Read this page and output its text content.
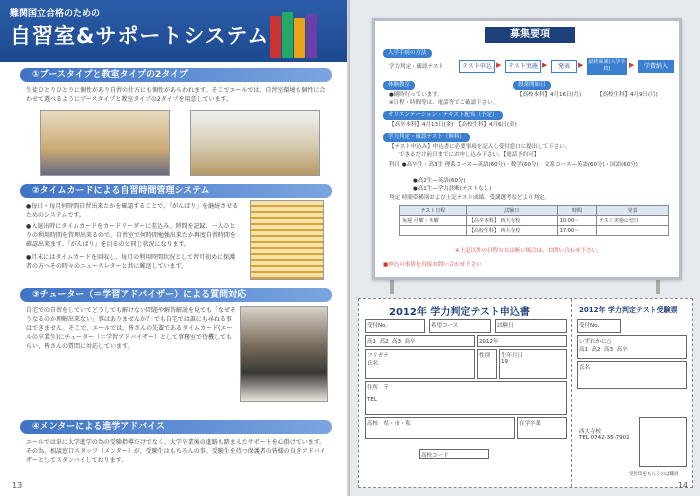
難関国立合格のための
自習室&サポートシステム
①ブースタイプと教室タイプの2タイプ
生徒ひとりひとりに個性があり自習の仕方にも個性があらわれます。そこでエールでは、自習室環境も個性に合わせて選べるようにブースタイプと教室タイプの2タイプを用意しています。
②タイムカードによる自習時間管理システム
●毎日・毎月何時間自習出来たかを確認することで、「がんばり」を継続させるためのシステムです。
●入退出時にタイムカードをカードリーダーに差込み、時間を記録、一人ひとりの利用時間を管理出来るので、自習室で何時間勉強出来たか再度自習時間を確認出来ます。「がんばり」を目るのと同じ状況になります。
●月末にはタイムカードを回収し、毎月の利用時間状況として習月初めに保護者の方へその時々のニュースレターと共に郵送しています。
③チューター（＝学習アドバイザー）による質問対応
自宅での自習をしていてどうしても解けない問題や解答解説を見ても「なぜそうなるのか理解出来ない」事はありませんか？ でも自宅では誰にも尋ねる事はできません。そこで、エールでは、皆さんの先輩であるタイムカード(エールの卒業生)にチューター（＝学習アドバイザー）として事務室で待機してもらい、皆さんの質問に対応しています。
④メンターによる進学アドバイス
エールでは単に大学進学の為の受験指導だけでなく、大学卒業後の進路も踏まえたサポートを心掛けています。その為、相談窓口スタッフ（メンター）が、受験生はもちろんの事、受験生を持つ保護者の皆様の良きアドバイザーとしてスタンバイしております。
13
募集要項
入学手続の方法
学力判定・確認テスト	テスト申込 ▶	テスト実施 ▶	発表	▶	最終面談(入学手続)	▶	学費納入
体験教室
●随時行っています。
※日程・時間等は、電話等でご確認下さい。
授業開始日
【高校本科】4月16日(月)	【高校生科】4月9日(月)
オリエンテーション・テキスト配布（予定）
【高卒本科】4月13日(金)　【高校生科】4月6日(金)
学力判定・確認テスト（無料）
【テスト申込み】申込書に必要事項を記入し受付窓口に提出して下さい。
できるだけ前日までにお申し込み下さい。【電話予約可】
科目 ●高卒生・高3生 理系コース—英語(60分)・数学(60分)　文系コース—英語(60分)・国語(60分)
●高2生—英語(60分)
●高1生—学力診断(テストなし)
判定 時間帯種別および上記テスト成績、受講選考などより判定。
テスト日程	試験日	時間	発表
毎週 月曜・木曜	【高卒本科】 西大寺校	10:00〜	テスト実施の翌日
	【高校生科】 西大寺校	17:00〜	
※上記以外の日程の方は無い場合は、お問い合わせ下さい。
■申込の事情を直接お問い合わせ下さい
2012年 学力判定テスト申込書	2012年 学力判定テスト受験票
受付No.	希望コース	試験日
高1 高2 高3 高卒	2012年
フリガナ
氏名
性別	生年月日
19
住所　〒

TEL
高校　 県・市・私	在学卒業
高校コード
受付No.
いずれかに○
高1 高2 高3 高卒
氏名
西大寺校
TEL 0742-35-7901
受付印をもらうのは職員
14
